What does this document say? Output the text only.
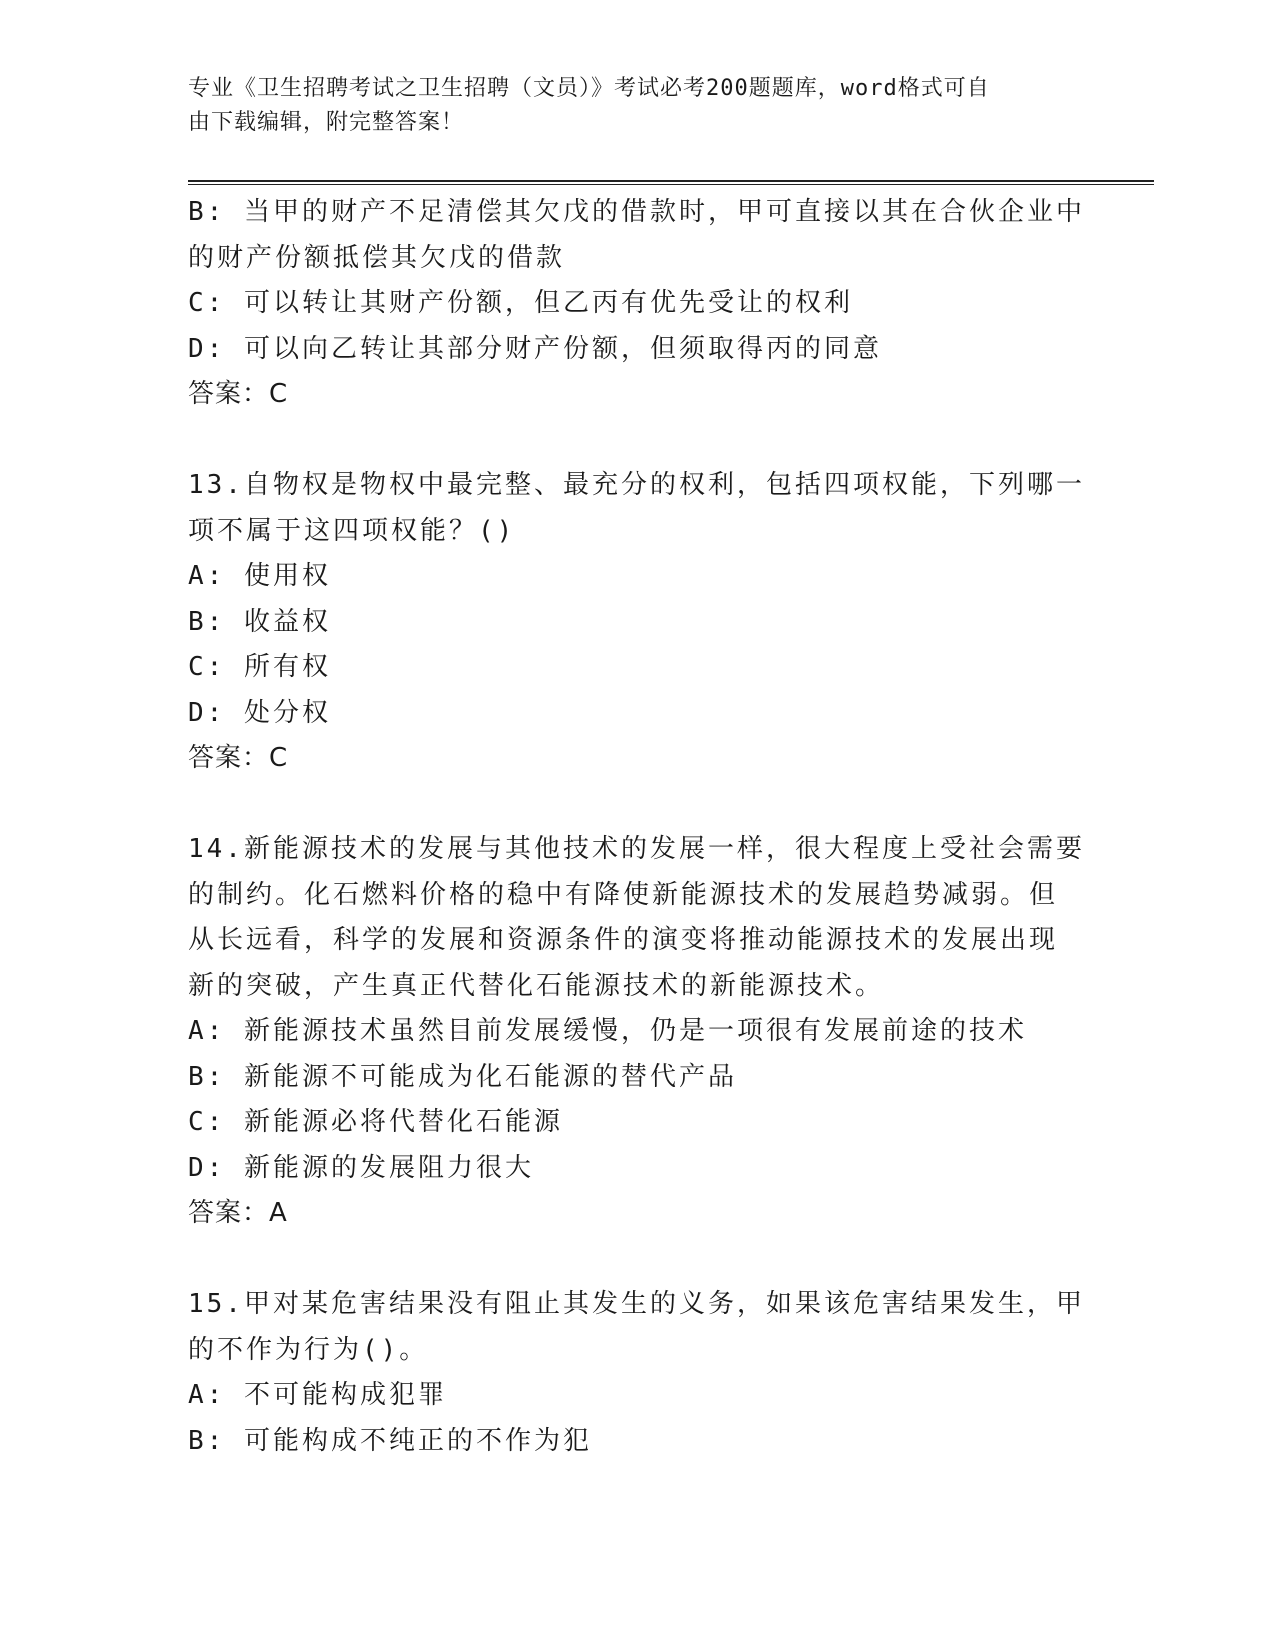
专业《卫生招聘考试之卫生招聘（文员）》考试必考200题题库，word格式可自
由下载编辑，附完整答案！

B: 当甲的财产不足清偿其欠戊的借款时，甲可直接以其在合伙企业中

的财产份额抵偿其欠戊的借款

C: 可以转让其财产份额，但乙丙有优先受让的权利

D: 可以向乙转让其部分财产份额，但须取得丙的同意

答案：C

13.自物权是物权中最完整、最充分的权利，包括四项权能，下列哪一

项不属于这四项权能？()

A: 使用权

B: 收益权

C: 所有权

D: 处分权

答案：C

14.新能源技术的发展与其他技术的发展一样，很大程度上受社会需要

的制约。化石燃料价格的稳中有降使新能源技术的发展趋势减弱。但

从长远看，科学的发展和资源条件的演变将推动能源技术的发展出现

新的突破，产生真正代替化石能源技术的新能源技术。

A: 新能源技术虽然目前发展缓慢，仍是一项很有发展前途的技术

B: 新能源不可能成为化石能源的替代产品

C: 新能源必将代替化石能源

D: 新能源的发展阻力很大

答案：A

15.甲对某危害结果没有阻止其发生的义务，如果该危害结果发生，甲

的不作为行为()。

A: 不可能构成犯罪

B: 可能构成不纯正的不作为犯
